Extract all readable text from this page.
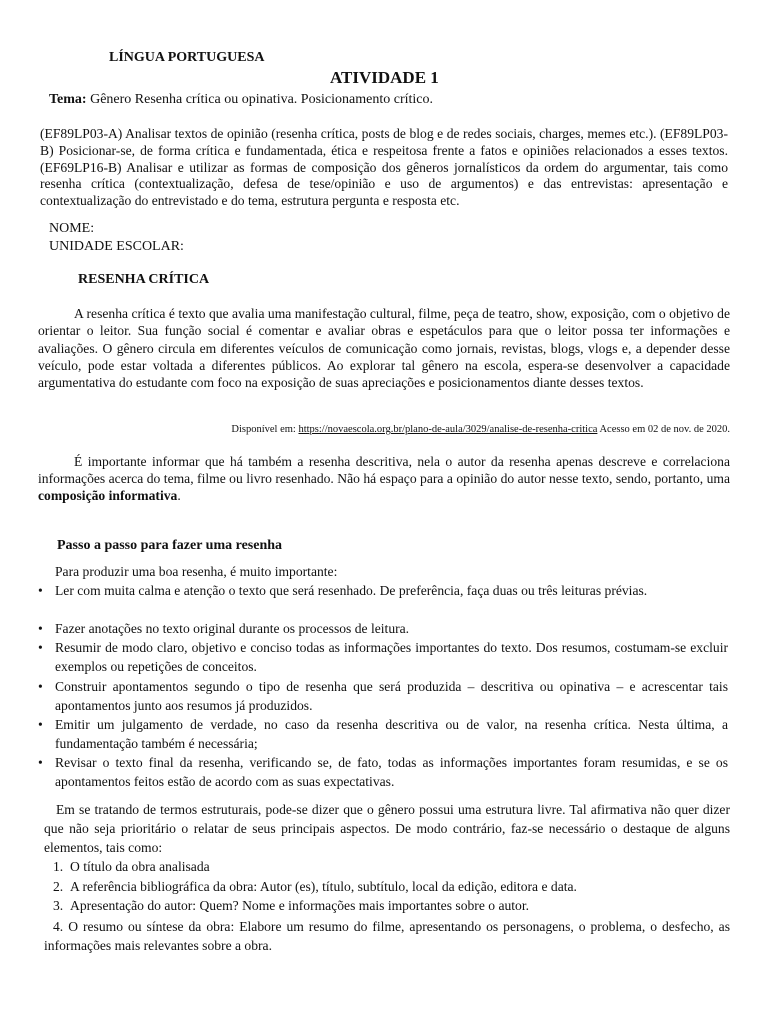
LÍNGUA PORTUGUESA
ATIVIDADE 1
Tema: Gênero Resenha crítica ou opinativa. Posicionamento crítico.
(EF89LP03-A) Analisar textos de opinião (resenha crítica, posts de blog e de redes sociais, charges, memes etc.). (EF89LP03-B) Posicionar-se, de forma crítica e fundamentada, ética e respeitosa frente a fatos e opiniões relacionados a esses textos. (EF69LP16-B) Analisar e utilizar as formas de composição dos gêneros jornalísticos da ordem do argumentar, tais como resenha crítica (contextualização, defesa de tese/opinião e uso de argumentos) e das entrevistas: apresentação e contextualização do entrevistado e do tema, estrutura pergunta e resposta etc.
NOME:
UNIDADE ESCOLAR:
RESENHA CRÍTICA
A resenha crítica é texto que avalia uma manifestação cultural, filme, peça de teatro, show, exposição, com o objetivo de orientar o leitor. Sua função social é comentar e avaliar obras e espetáculos para que o leitor possa ter informações e avaliações. O gênero circula em diferentes veículos de comunicação como jornais, revistas, blogs, vlogs e, a depender desse veículo, pode estar voltada a diferentes públicos. Ao explorar tal gênero na escola, espera-se desenvolver a capacidade argumentativa do estudante com foco na exposição de suas apreciações e posicionamentos diante desses textos.
Disponível em: https://novaescola.org.br/plano-de-aula/3029/analise-de-resenha-critica Acesso em 02 de nov. de 2020.
É importante informar que há também a resenha descritiva, nela o autor da resenha apenas descreve e correlaciona informações acerca do tema, filme ou livro resenhado. Não há espaço para a opinião do autor nesse texto, sendo, portanto, uma composição informativa.
Passo a passo para fazer uma resenha
Para produzir uma boa resenha, é muito importante:
• Ler com muita calma e atenção o texto que será resenhado. De preferência, faça duas ou três leituras prévias.
• Fazer anotações no texto original durante os processos de leitura.
• Resumir de modo claro, objetivo e conciso todas as informações importantes do texto. Dos resumos, costumam-se excluir exemplos ou repetições de conceitos.
• Construir apontamentos segundo o tipo de resenha que será produzida – descritiva ou opinativa – e acrescentar tais apontamentos junto aos resumos já produzidos.
• Emitir um julgamento de verdade, no caso da resenha descritiva ou de valor, na resenha crítica. Nesta última, a fundamentação também é necessária;
• Revisar o texto final da resenha, verificando se, de fato, todas as informações importantes foram resumidas, e se os apontamentos feitos estão de acordo com as suas expectativas.
Em se tratando de termos estruturais, pode-se dizer que o gênero possui uma estrutura livre. Tal afirmativa não quer dizer que não seja prioritário o relatar de seus principais aspectos. De modo contrário, faz-se necessário o destaque de alguns elementos, tais como:
1. O título da obra analisada
2. A referência bibliográfica da obra: Autor (es), título, subtítulo, local da edição, editora e data.
3. Apresentação do autor: Quem? Nome e informações mais importantes sobre o autor.
4. O resumo ou síntese da obra: Elabore um resumo do filme, apresentando os personagens, o problema, o desfecho, as informações mais relevantes sobre a obra.
